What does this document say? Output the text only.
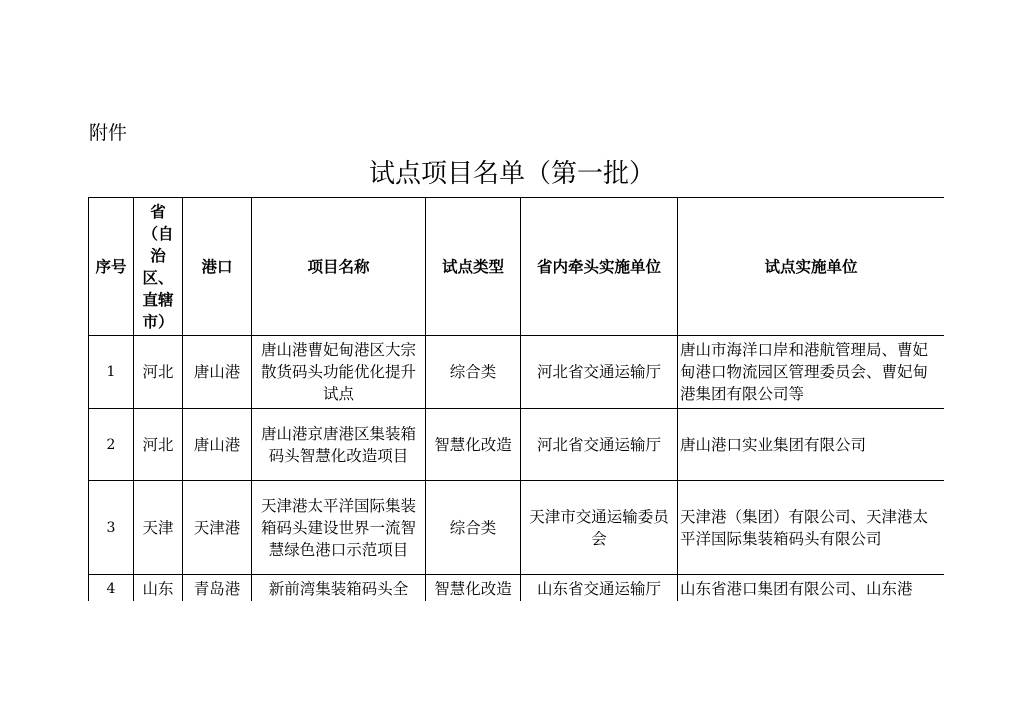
附件
试点项目名单（第一批）
序号	省（自治区、直辖市）	港口	项目名称	试点类型	省内牵头实施单位	试点实施单位
1	河北	唐山港	唐山港曹妃甸港区大宗散货码头功能优化提升试点	综合类	河北省交通运输厅	唐山市海洋口岸和港航管理局、曹妃甸港口物流园区管理委员会、曹妃甸港集团有限公司等
2	河北	唐山港	唐山港京唐港区集装箱码头智慧化改造项目	智慧化改造	河北省交通运输厅	唐山港口实业集团有限公司
3	天津	天津港	天津港太平洋国际集装箱码头建设世界一流智慧绿色港口示范项目	综合类	天津市交通运输委员会	天津港（集团）有限公司、天津港太平洋国际集装箱码头有限公司
4	山东	青岛港	新前湾集装箱码头全	智慧化改造	山东省交通运输厅	山东省港口集团有限公司、山东港
